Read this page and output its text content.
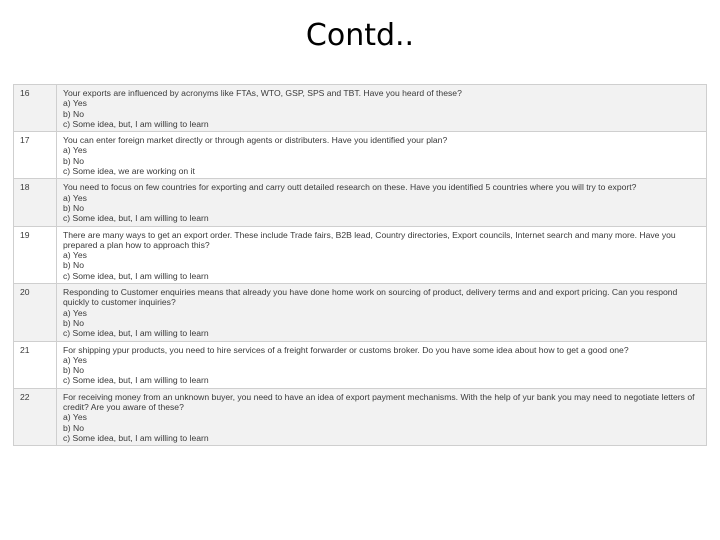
Contd..
16	Your exports are influenced by acronyms like FTAs, WTO, GSP, SPS and TBT. Have you heard of these?
a) Yes
b) No
c) Some idea, but, I am willing to learn

17	You can enter foreign market directly or through agents or distributers. Have you identified your plan?
a) Yes
b) No
c) Some idea, we are working on it

18	You need to focus on few countries for exporting and carry outt detailed research on these. Have you identified 5 countries where you will try to export?
a) Yes
b) No
c) Some idea, but, I am willing to learn

19	There are many ways to get an export order. These include Trade fairs, B2B lead, Country directories, Export councils, Internet search and many more. Have you prepared a plan how to approach this?
a) Yes
b) No
c) Some idea, but, I am willing to learn

20	Responding to Customer enquiries means that already you have done home work on sourcing of product, delivery terms and and export pricing. Can you respond quickly to customer inquiries?
a) Yes
b) No
c) Some idea, but, I am willing to learn

21	For shipping ypur products, you need to hire services of a freight forwarder or customs broker. Do you have some idea about how to get a good one?
a) Yes
b) No
c) Some idea, but, I am willing to learn

22	For receiving money from an unknown buyer, you need to have an idea of export payment mechanisms. With the help of yur bank you may need to negotiate letters of credit? Are you aware of these?
a) Yes
b) No
c) Some idea, but, I am willing to learn
